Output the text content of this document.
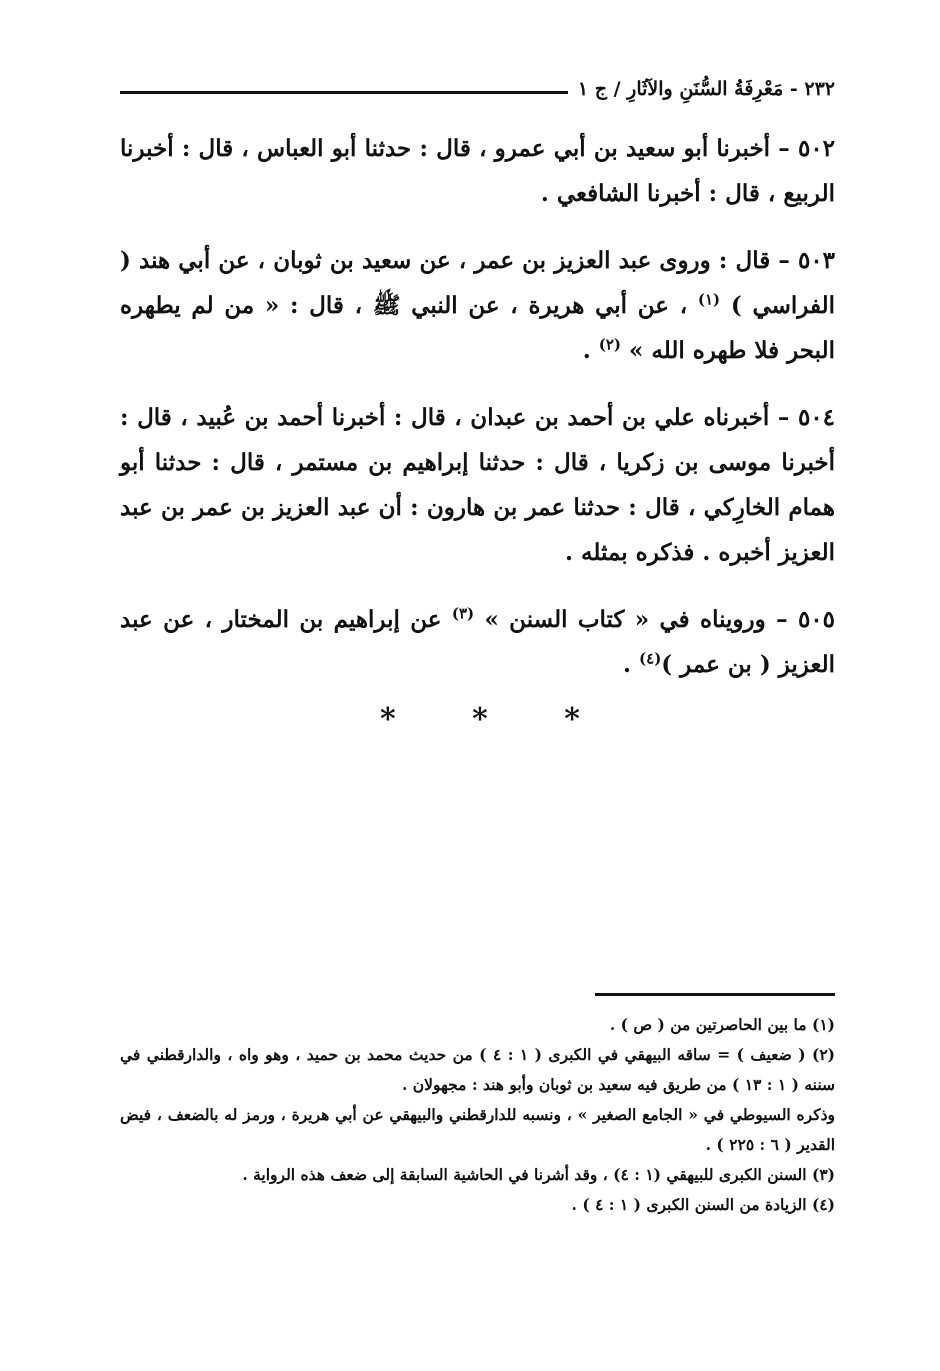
٢٣٢ - مَعْرِفَةُ السُّنَنِ والآثَارِ / ج ١

٥٠٢ – أخبرنا أبو سعيد بن أبي عمرو ، قال : حدثنا أبو العباس ، قال : أخبرنا الربيع ، قال : أخبرنا الشافعي .

٥٠٣ – قال : وروى عبد العزيز بن عمر ، عن سعيد بن ثوبان ، عن أبي هند ( الفراسي ) $^{(١)}$ ، عن أبي هريرة ، عن النبي ﷺ ، قال : « من لم يطهره البحر فلا طهره الله » $^{(٢)}$ .

٥٠٤ – أخبرناه علي بن أحمد بن عبدان ، قال : أخبرنا أحمد بن عُبيد ، قال : أخبرنا موسى بن زكريا ، قال : حدثنا إبراهيم بن مستمر ، قال : حدثنا أبو همام الخارِكي ، قال : حدثنا عمر بن هارون : أن عبد العزيز بن عمر بن عبد العزيز أخبره . فذكره بمثله .

٥٠٥ – ورويناه في « كتاب السنن » $^{(٣)}$ عن إبراهيم بن المختار ، عن عبد العزيز ( بن عمر )$^{(٤)}$ .

*	*	*

(١) ما بين الحاصرتين من ( ص ) .

(٢) ( ضعيف ) = ساقه البيهقي في الكبرى ( ١ : ٤ ) من حديث محمد بن حميد ، وهو واه ، والدارقطني في سننه ( ١ : ١٣ ) من طريق فيه سعيد بن ثوبان وأبو هند : مجهولان .

وذكره السيوطي في « الجامع الصغير » ، ونسبه للدارقطني والبيهقي عن أبي هريرة ، ورمز له بالضعف ، فيض القدير ( ٦ : ٢٢٥ ) .

(٣) السنن الكبرى للبيهقي (١ : ٤) ، وقد أشرنا في الحاشية السابقة إلى ضعف هذه الرواية .

(٤) الزيادة من السنن الكبرى ( ١ : ٤ ) .
